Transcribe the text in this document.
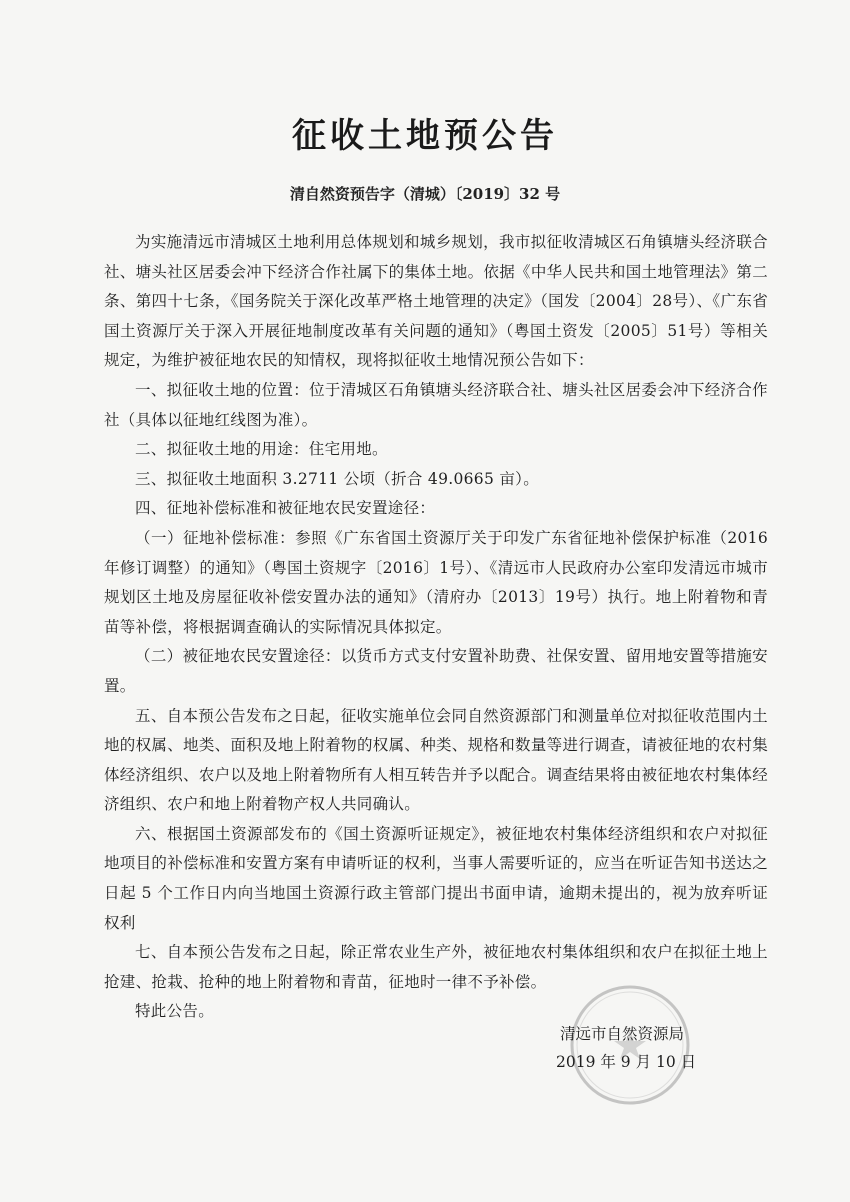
征收土地预公告
清自然资预告字（清城）〔2019〕32 号

为实施清远市清城区土地利用总体规划和城乡规划，我市拟征收清城区石角镇塘头经济联合社、塘头社区居委会冲下经济合作社属下的集体土地。依据《中华人民共和国土地管理法》第二条、第四十七条，《国务院关于深化改革严格土地管理的决定》（国发〔2004〕28号）、《广东省国土资源厅关于深入开展征地制度改革有关问题的通知》（粤国土资发〔2005〕51号）等相关规定，为维护被征地农民的知情权，现将拟征收土地情况预公告如下：

一、拟征收土地的位置：位于清城区石角镇塘头经济联合社、塘头社区居委会冲下经济合作社（具体以征地红线图为准）。

二、拟征收土地的用途：住宅用地。

三、拟征收土地面积 3.2711 公顷（折合 49.0665 亩）。

四、征地补偿标准和被征地农民安置途径：

（一）征地补偿标准：参照《广东省国土资源厅关于印发广东省征地补偿保护标准（2016年修订调整）的通知》（粤国土资规字〔2016〕1号）、《清远市人民政府办公室印发清远市城市规划区土地及房屋征收补偿安置办法的通知》（清府办〔2013〕19号）执行。地上附着物和青苗等补偿，将根据调查确认的实际情况具体拟定。

（二）被征地农民安置途径：以货币方式支付安置补助费、社保安置、留用地安置等措施安置。

五、自本预公告发布之日起，征收实施单位会同自然资源部门和测量单位对拟征收范围内土地的权属、地类、面积及地上附着物的权属、种类、规格和数量等进行调查，请被征地的农村集体经济组织、农户以及地上附着物所有人相互转告并予以配合。调查结果将由被征地农村集体经济组织、农户和地上附着物产权人共同确认。

六、根据国土资源部发布的《国土资源听证规定》，被征地农村集体经济组织和农户对拟征地项目的补偿标准和安置方案有申请听证的权利，当事人需要听证的，应当在听证告知书送达之日起 5 个工作日内向当地国土资源行政主管部门提出书面申请，逾期未提出的，视为放弃听证权利

七、自本预公告发布之日起，除正常农业生产外，被征地农村集体组织和农户在拟征土地上抢建、抢栽、抢种的地上附着物和青苗，征地时一律不予补偿。

特此公告。

清远市自然资源局
2019 年 9 月 10 日
